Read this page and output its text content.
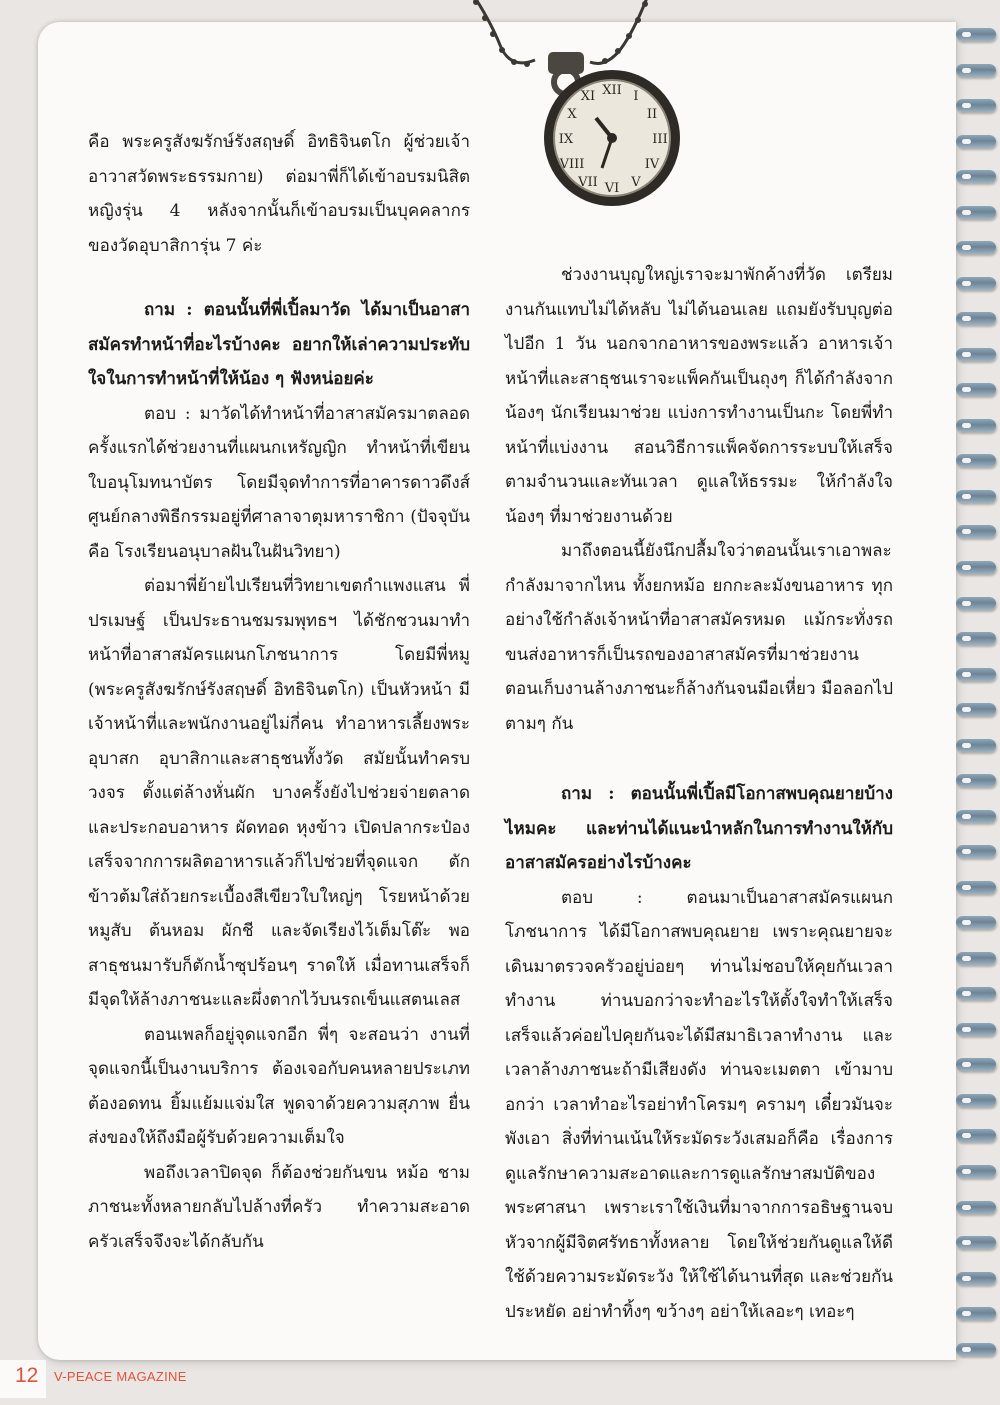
XII I
II
III
IV
V
VI
VII
VIII
IX
X
XI

คือ พระครูสังฆรักษ์รังสฤษดิ์ อิทธิจินตโก ผู้ช่วยเจ้าอาวาสวัดพระธรรมกาย) ต่อมาพี่ก็ได้เข้าอบรมนิสิตหญิงรุ่น 4 หลังจากนั้นก็เข้าอบรมเป็นบุคคลากรของวัดอุบาสิการุ่น 7 ค่ะ

ถาม : ตอนนั้นที่พี่เปิ้ลมาวัด ได้มาเป็นอาสาสมัครทำหน้าที่อะไรบ้างคะ อยากให้เล่าความประทับใจในการทำหน้าที่ให้น้อง ๆ ฟังหน่อยค่ะ

ตอบ : มาวัดได้ทำหน้าที่อาสาสมัครมาตลอด ครั้งแรกได้ช่วยงานที่แผนกเหรัญญิก ทำหน้าที่เขียนใบอนุโมทนาบัตร โดยมีจุดทำการที่อาคารดาวดึงส์ ศูนย์กลางพิธีกรรมอยู่ที่ศาลาจาตุมหาราชิกา (ปัจจุบันคือ โรงเรียนอนุบาลฝันในฝันวิทยา)

ต่อมาพี่ย้ายไปเรียนที่วิทยาเขตกำแพงแสน พี่ปรเมษฐ์ เป็นประธานชมรมพุทธฯ ได้ชักชวนมาทำหน้าที่อาสาสมัครแผนกโภชนาการ โดยมีพี่หมู (พระครูสังฆรักษ์รังสฤษดิ์ อิทธิจินตโก) เป็นหัวหน้า มีเจ้าหน้าที่และพนักงานอยู่ไม่กี่คน ทำอาหารเลี้ยงพระ อุบาสก อุบาสิกาและสาธุชนทั้งวัด สมัยนั้นทำครบวงจร ตั้งแต่ล้างหั่นผัก บางครั้งยังไปช่วยจ่ายตลาด และประกอบอาหาร ผัดทอด หุงข้าว เปิดปลากระป๋อง เสร็จจากการผลิตอาหารแล้วก็ไปช่วยที่จุดแจก ตักข้าวต้มใส่ถ้วยกระเบื้องสีเขียวใบใหญ่ๆ โรยหน้าด้วยหมูสับ ต้นหอม ผักชี และจัดเรียงไว้เต็มโต๊ะ พอสาธุชนมารับก็ตักน้ำซุปร้อนๆ ราดให้ เมื่อทานเสร็จก็มีจุดให้ล้างภาชนะและผึ่งตากไว้บนรถเข็นแสตนเลส

ตอนเพลก็อยู่จุดแจกอีก พี่ๆ จะสอนว่า งานที่จุดแจกนี้เป็นงานบริการ ต้องเจอกับคนหลายประเภท ต้องอดทน ยิ้มแย้มแจ่มใส พูดจาด้วยความสุภาพ ยื่นส่งของให้ถึงมือผู้รับด้วยความเต็มใจ

พอถึงเวลาปิดจุด ก็ต้องช่วยกันขน หม้อ ชาม ภาชนะทั้งหลายกลับไปล้างที่ครัว ทำความสะอาดครัวเสร็จจึงจะได้กลับกัน

ช่วงงานบุญใหญ่เราจะมาพักค้างที่วัด เตรียมงานกันแทบไม่ได้หลับ ไม่ได้นอนเลย แถมยังรับบุญต่อไปอีก 1 วัน นอกจากอาหารของพระแล้ว อาหารเจ้าหน้าที่และสาธุชนเราจะแพ็คกันเป็นถุงๆ ก็ได้กำลังจากน้องๆ นักเรียนมาช่วย แบ่งการทำงานเป็นกะ โดยพี่ทำหน้าที่แบ่งงาน สอนวิธีการแพ็คจัดการระบบให้เสร็จตามจำนวนและทันเวลา ดูแลให้ธรรมะ ให้กำลังใจน้องๆ ที่มาช่วยงานด้วย

มาถึงตอนนี้ยังนึกปลื้มใจว่าตอนนั้นเราเอาพละกำลังมาจากไหน ทั้งยกหม้อ ยกกะละมังขนอาหาร ทุกอย่างใช้กำลังเจ้าหน้าที่อาสาสมัครหมด แม้กระทั่งรถขนส่งอาหารก็เป็นรถของอาสาสมัครที่มาช่วยงาน ตอนเก็บงานล้างภาชนะก็ล้างกันจนมือเหี่ยว มือลอกไปตามๆ กัน

ถาม : ตอนนั้นพี่เปิ้ลมีโอกาสพบคุณยายบ้างไหมคะ และท่านได้แนะนำหลักในการทำงานให้กับอาสาสมัครอย่างไรบ้างคะ

ตอบ : ตอนมาเป็นอาสาสมัครแผนกโภชนาการ ได้มีโอกาสพบคุณยาย เพราะคุณยายจะเดินมาตรวจครัวอยู่บ่อยๆ ท่านไม่ชอบให้คุยกันเวลาทำงาน ท่านบอกว่าจะทำอะไรให้ตั้งใจทำให้เสร็จ เสร็จแล้วค่อยไปคุยกันจะได้มีสมาธิเวลาทำงาน และเวลาล้างภาชนะถ้ามีเสียงดัง ท่านจะเมตตา เข้ามาบอกว่า เวลาทำอะไรอย่าทำโครมๆ ครามๆ เดี๋ยวมันจะพังเอา สิ่งที่ท่านเน้นให้ระมัดระวังเสมอก็คือ เรื่องการดูแลรักษาความสะอาดและการดูแลรักษาสมบัติของพระศาสนา เพราะเราใช้เงินที่มาจากการอธิษฐานจบหัวจากผู้มีจิตศรัทธาทั้งหลาย โดยให้ช่วยกันดูแลให้ดี ใช้ด้วยความระมัดระวัง ให้ใช้ได้นานที่สุด และช่วยกันประหยัด อย่าทำทิ้งๆ ขว้างๆ อย่าให้เลอะๆ เทอะๆ

12 V-PEACE MAGAZINE
